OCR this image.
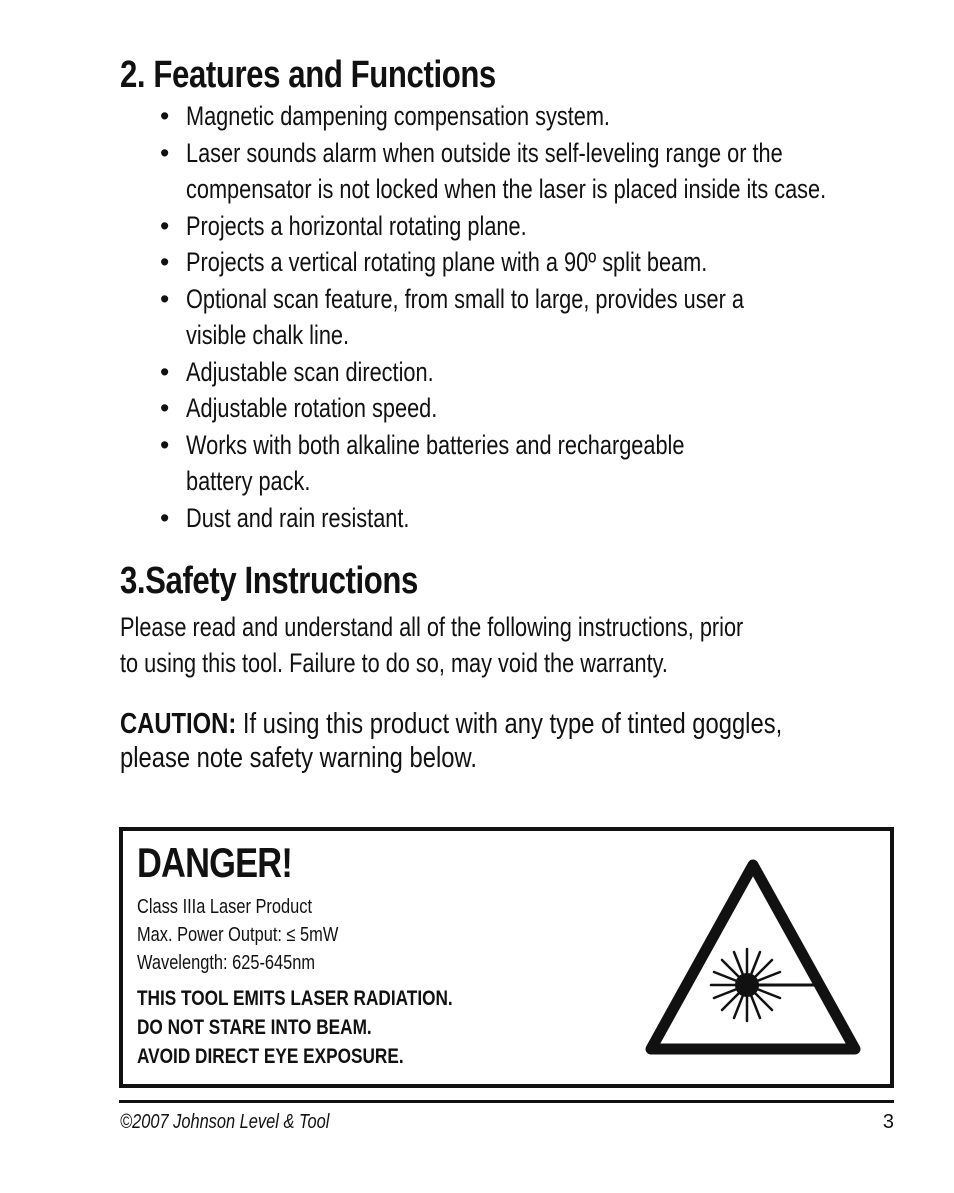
2. Features and Functions
• Magnetic dampening compensation system.
• Laser sounds alarm when outside its self-leveling range or the
compensator is not locked when the laser is placed inside its case.
• Projects a horizontal rotating plane.
• Projects a vertical rotating plane with a 90º split beam.
• Optional scan feature, from small to large, provides user a
visible chalk line.
• Adjustable scan direction.
• Adjustable rotation speed.
• Works with both alkaline batteries and rechargeable
battery pack.
• Dust and rain resistant.
3.Safety Instructions
Please read and understand all of the following instructions, prior
to using this tool. Failure to do so, may void the warranty.
CAUTION: If using this product with any type of tinted goggles,
please note safety warning below.
DANGER!
Class IIIa Laser Product
Max. Power Output: ≤ 5mW
Wavelength: 625-645nm
THIS TOOL EMITS LASER RADIATION.
DO NOT STARE INTO BEAM.
AVOID DIRECT EYE EXPOSURE.
©2007 Johnson Level & Tool	3
